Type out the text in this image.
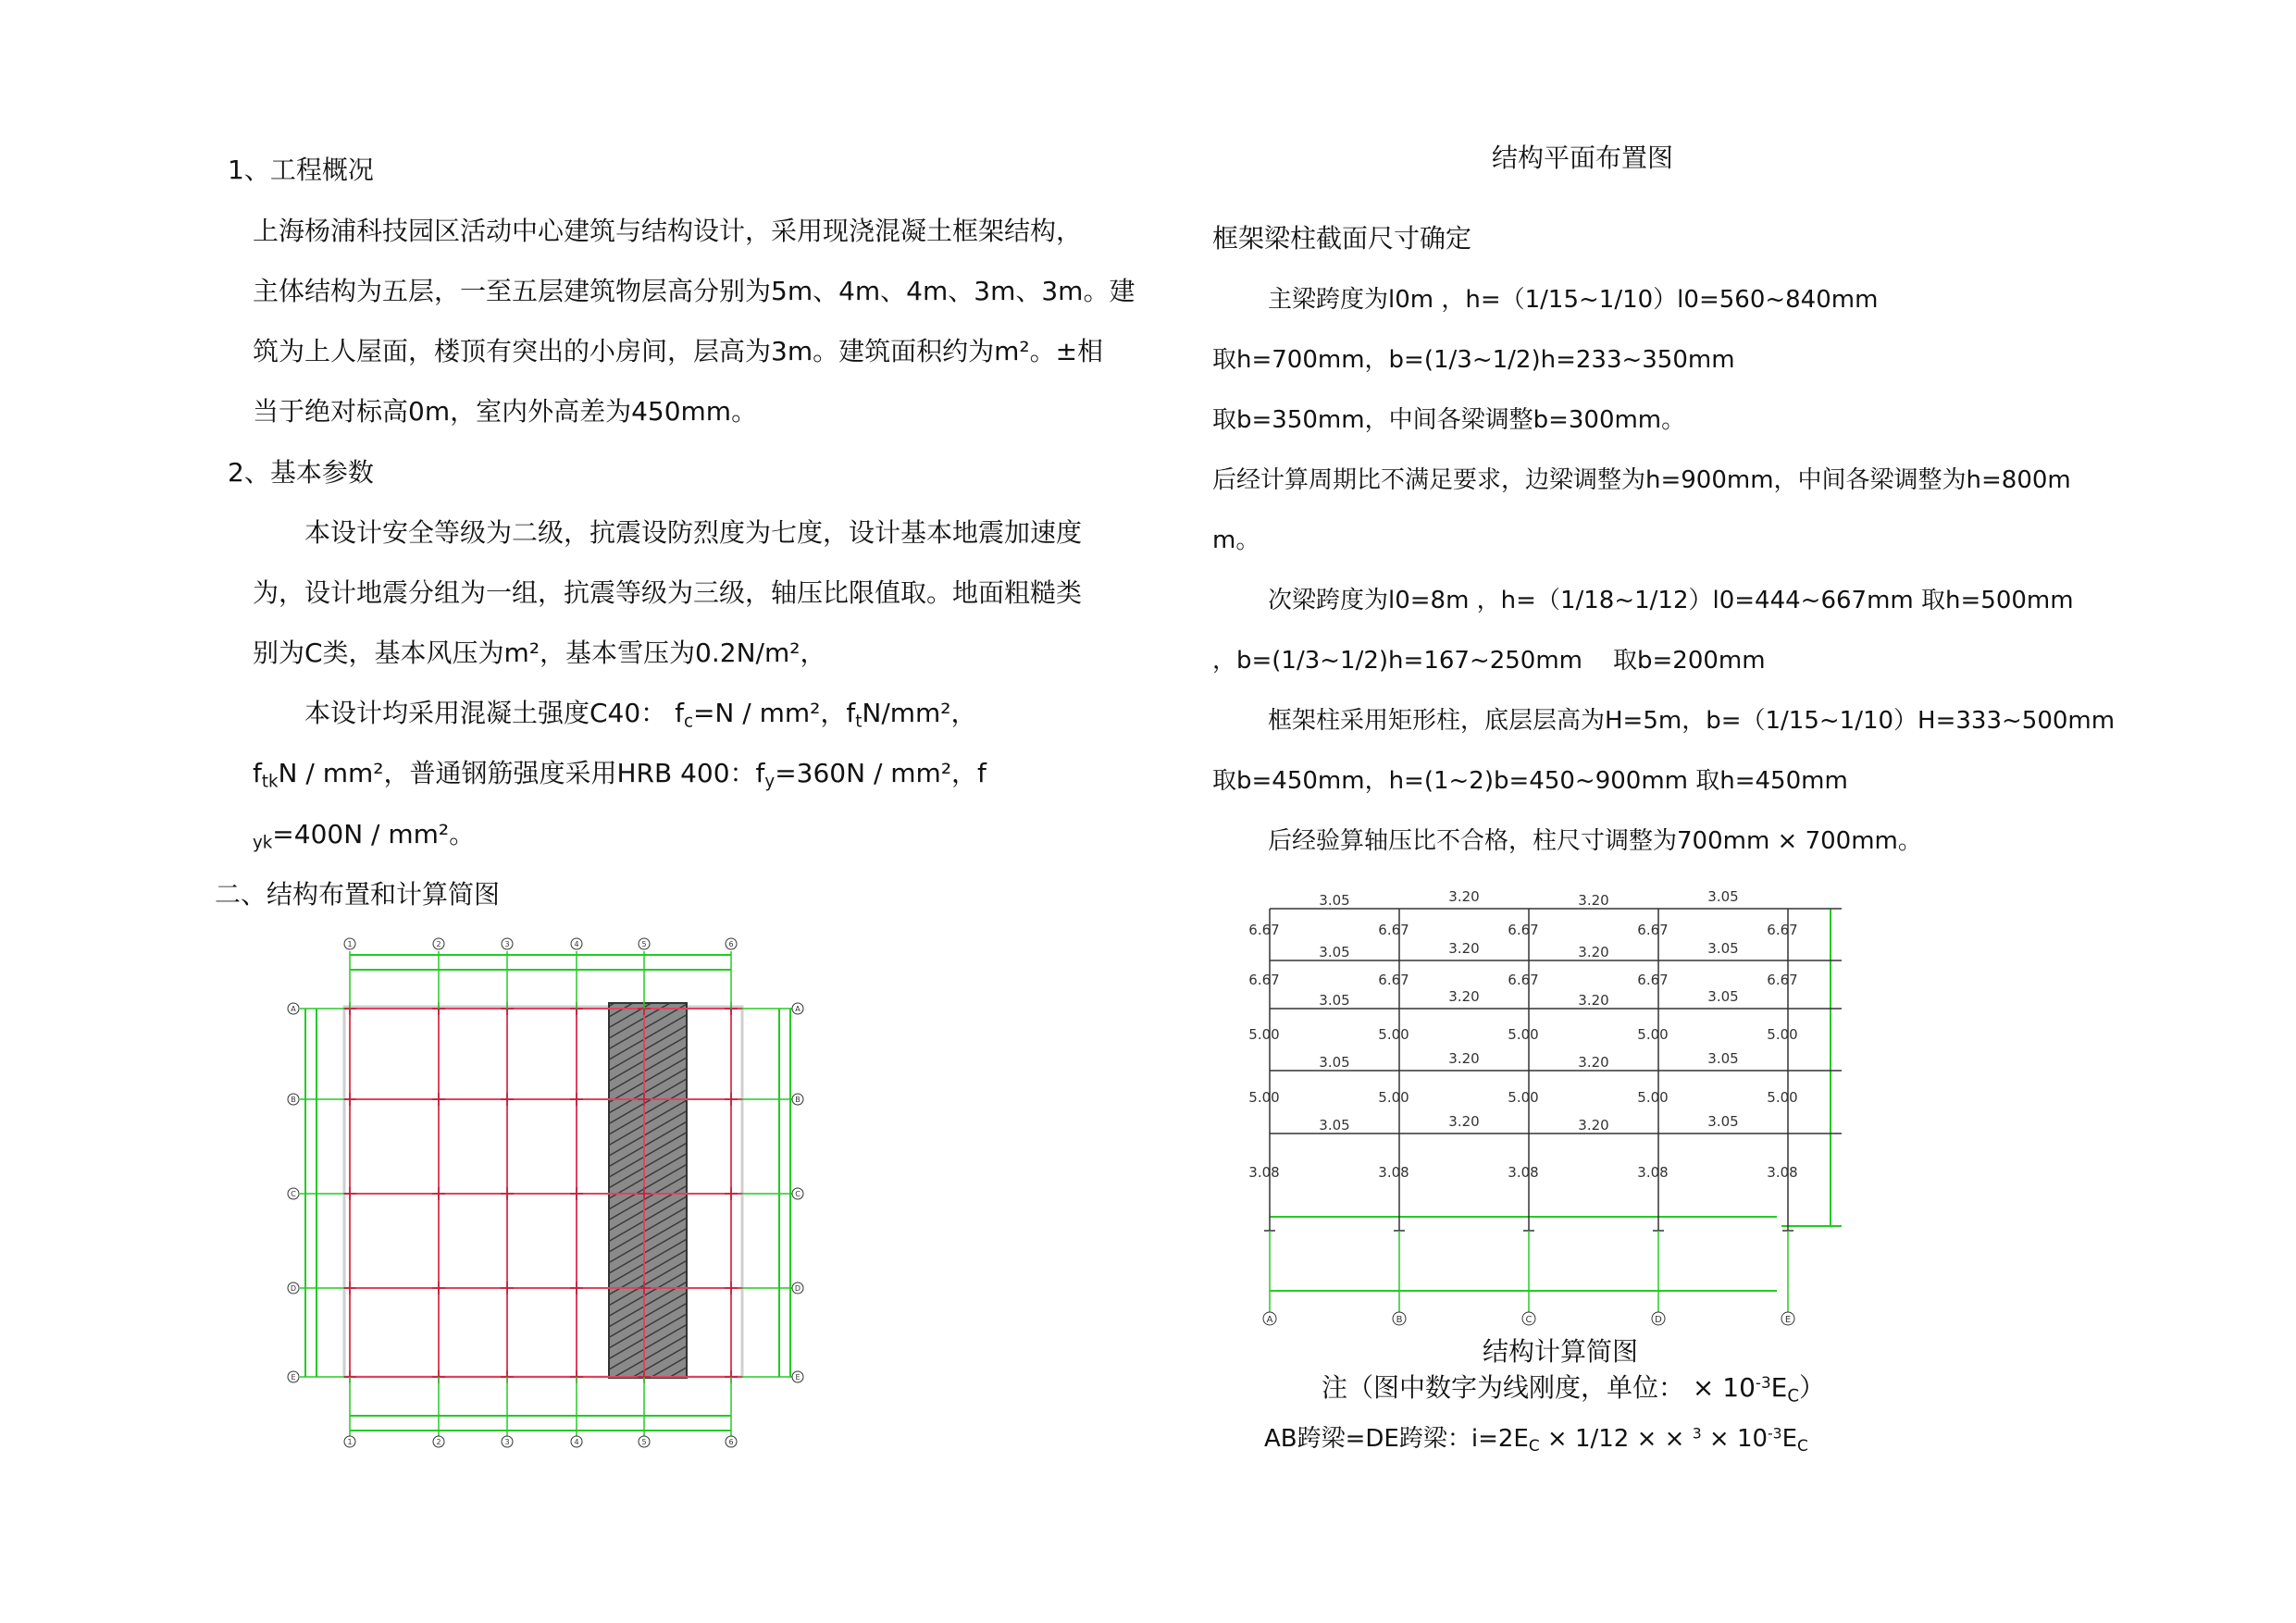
1、工程概况
上海杨浦科技园区活动中心建筑与结构设计，采用现浇混凝土框架结构，
主体结构为五层，一至五层建筑物层高分别为5m、4m、4m、3m、3m。建
筑为上人屋面，楼顶有突出的小房间，层高为3m。建筑面积约为m²。±相
当于绝对标高0m，室内外高差为450mm。
2、基本参数
本设计安全等级为二级，抗震设防烈度为七度，设计基本地震加速度
为，设计地震分组为一组，抗震等级为三级，轴压比限值取。地面粗糙类
别为C类，基本风压为m²，基本雪压为0.2N/m²，
本设计均采用混凝土强度C40： $f_c=N / mm^2$，$f_tN$/mm²，
$f_{tk}N / mm^2$，普通钢筋强度采用HRB 400：$f_y=360N / mm^2$，f
$_{yk}$=400N / mm²。
二、结构布置和计算简图
1
1
2
2
3
3
4
4
5
5
6
6
A	A
B	B
C	C
D	D
E	E
结构平面布置图
框架梁柱截面尺寸确定
主梁跨度为l0m ，h=（1/15~1/10）l0=560~840mm
取h=700mm，b=(1/3~1/2)h=233~350mm
取b=350mm，中间各梁调整b=300mm。
后经计算周期比不满足要求，边梁调整为h=900mm，中间各梁调整为h=800m
m。
次梁跨度为l0=8m ，h=（1/18~1/12）l0=444~667mm 取h=500mm
，b=(1/3~1/2)h=167~250mm 取b=200mm
框架柱采用矩形柱，底层层高为H=5m，b=（1/15~1/10）H=333~500mm
取b=450mm，h=(1~2)b=450~900mm 取h=450mm
后经验算轴压比不合格，柱尺寸调整为700mm × 700mm。
A	B	C	D	E
3.05	3.20	3.20	3.05
3.05	3.20	3.20	3.05
3.05	3.20	3.20	3.05
3.05	3.20	3.20	3.05
3.05	3.20	3.20	3.05
6.67	6.67	6.67	6.67	6.67
6.67	6.67	6.67	6.67	6.67
5.00	5.00	5.00	5.00	5.00
5.00	5.00	5.00	5.00	5.00
3.08	3.08	3.08	3.08	3.08
结构计算简图
注（图中数字为线刚度，单位： × $10^{-3}E_C$）
AB跨梁=DE跨梁：$i=2E_C \times 1/12$ × × $^3 \times 10^{-3}E_C$
